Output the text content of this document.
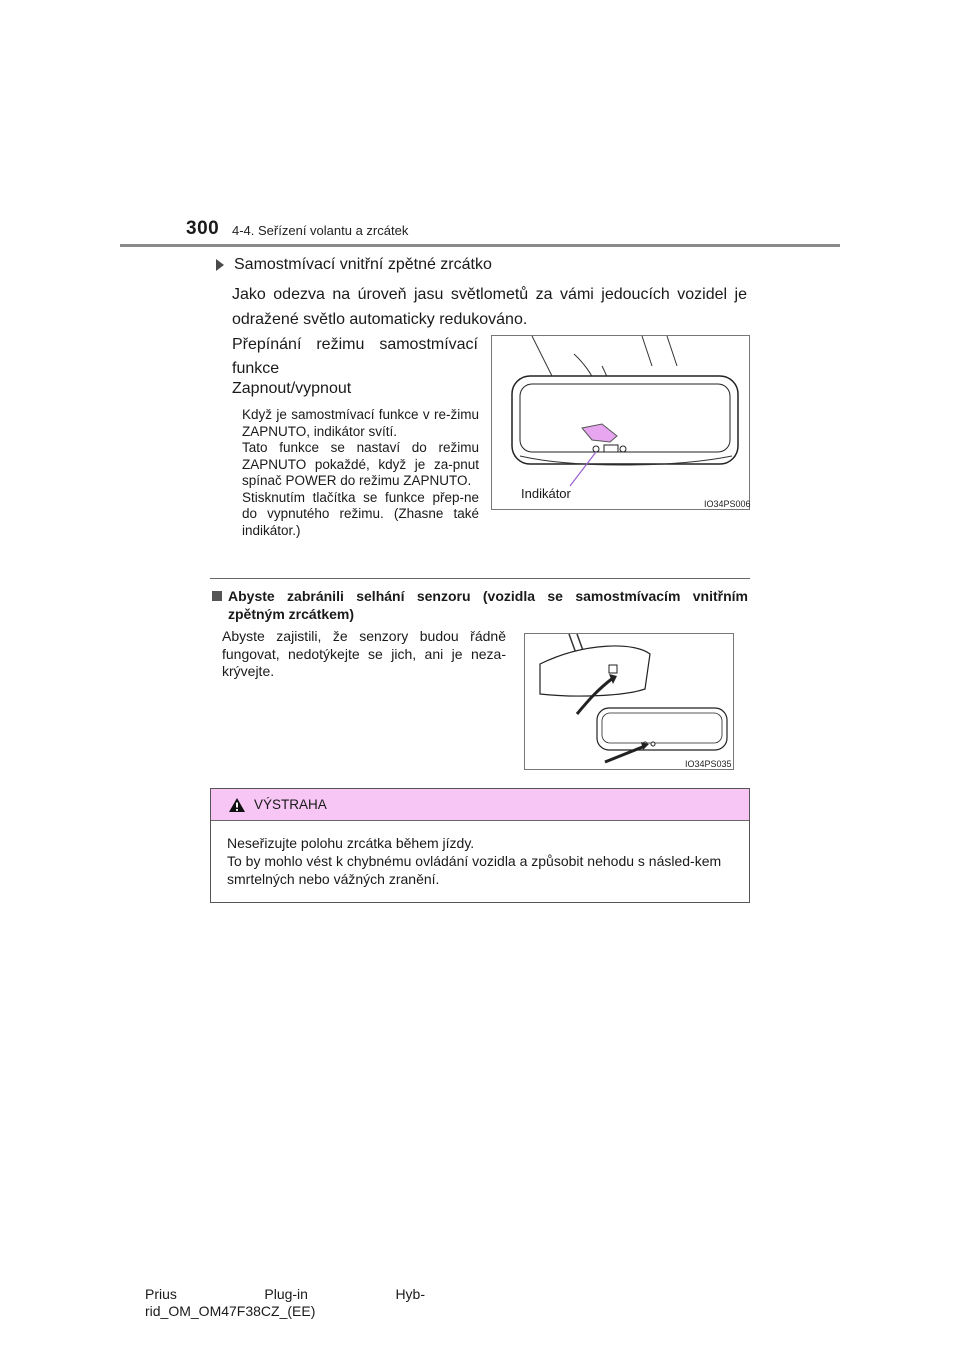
300 4-4. Seřízení volantu a zrcátek
Samostmívací vnitřní zpětné zrcátko
Jako odezva na úroveň jasu světlometů za vámi jedoucích vozidel je odražené světlo automaticky redukováno.
Přepínání režimu samostmívací funkce
Zapnout/vypnout

Když je samostmívací funkce v re-žimu ZAPNUTO, indikátor svítí.

Tato funkce se nastaví do režimu ZAPNUTO pokaždé, když je za-pnut spínač POWER do režimu ZAPNUTO.

Stisknutím tlačítka se funkce přep-ne do vypnutého režimu. (Zhasne také indikátor.)

Indikátor
IO34PS006
Abyste zabránili selhání senzoru (vozidla se samostmívacím vnitřním zpětným zrcátkem)
Abyste zajistili, že senzory budou řádně fungovat, nedotýkejte se jich, ani je neza-krývejte.
IO34PS035
VÝSTRAHA

Neseřizujte polohu zrcátka během jízdy.

To by mohlo vést k chybnému ovládání vozidla a způsobit nehodu s násled-kem smrtelných nebo vážných zranění.

Prius	Plug-in	Hyb-
rid_OM_OM47F38CZ_(EE)
